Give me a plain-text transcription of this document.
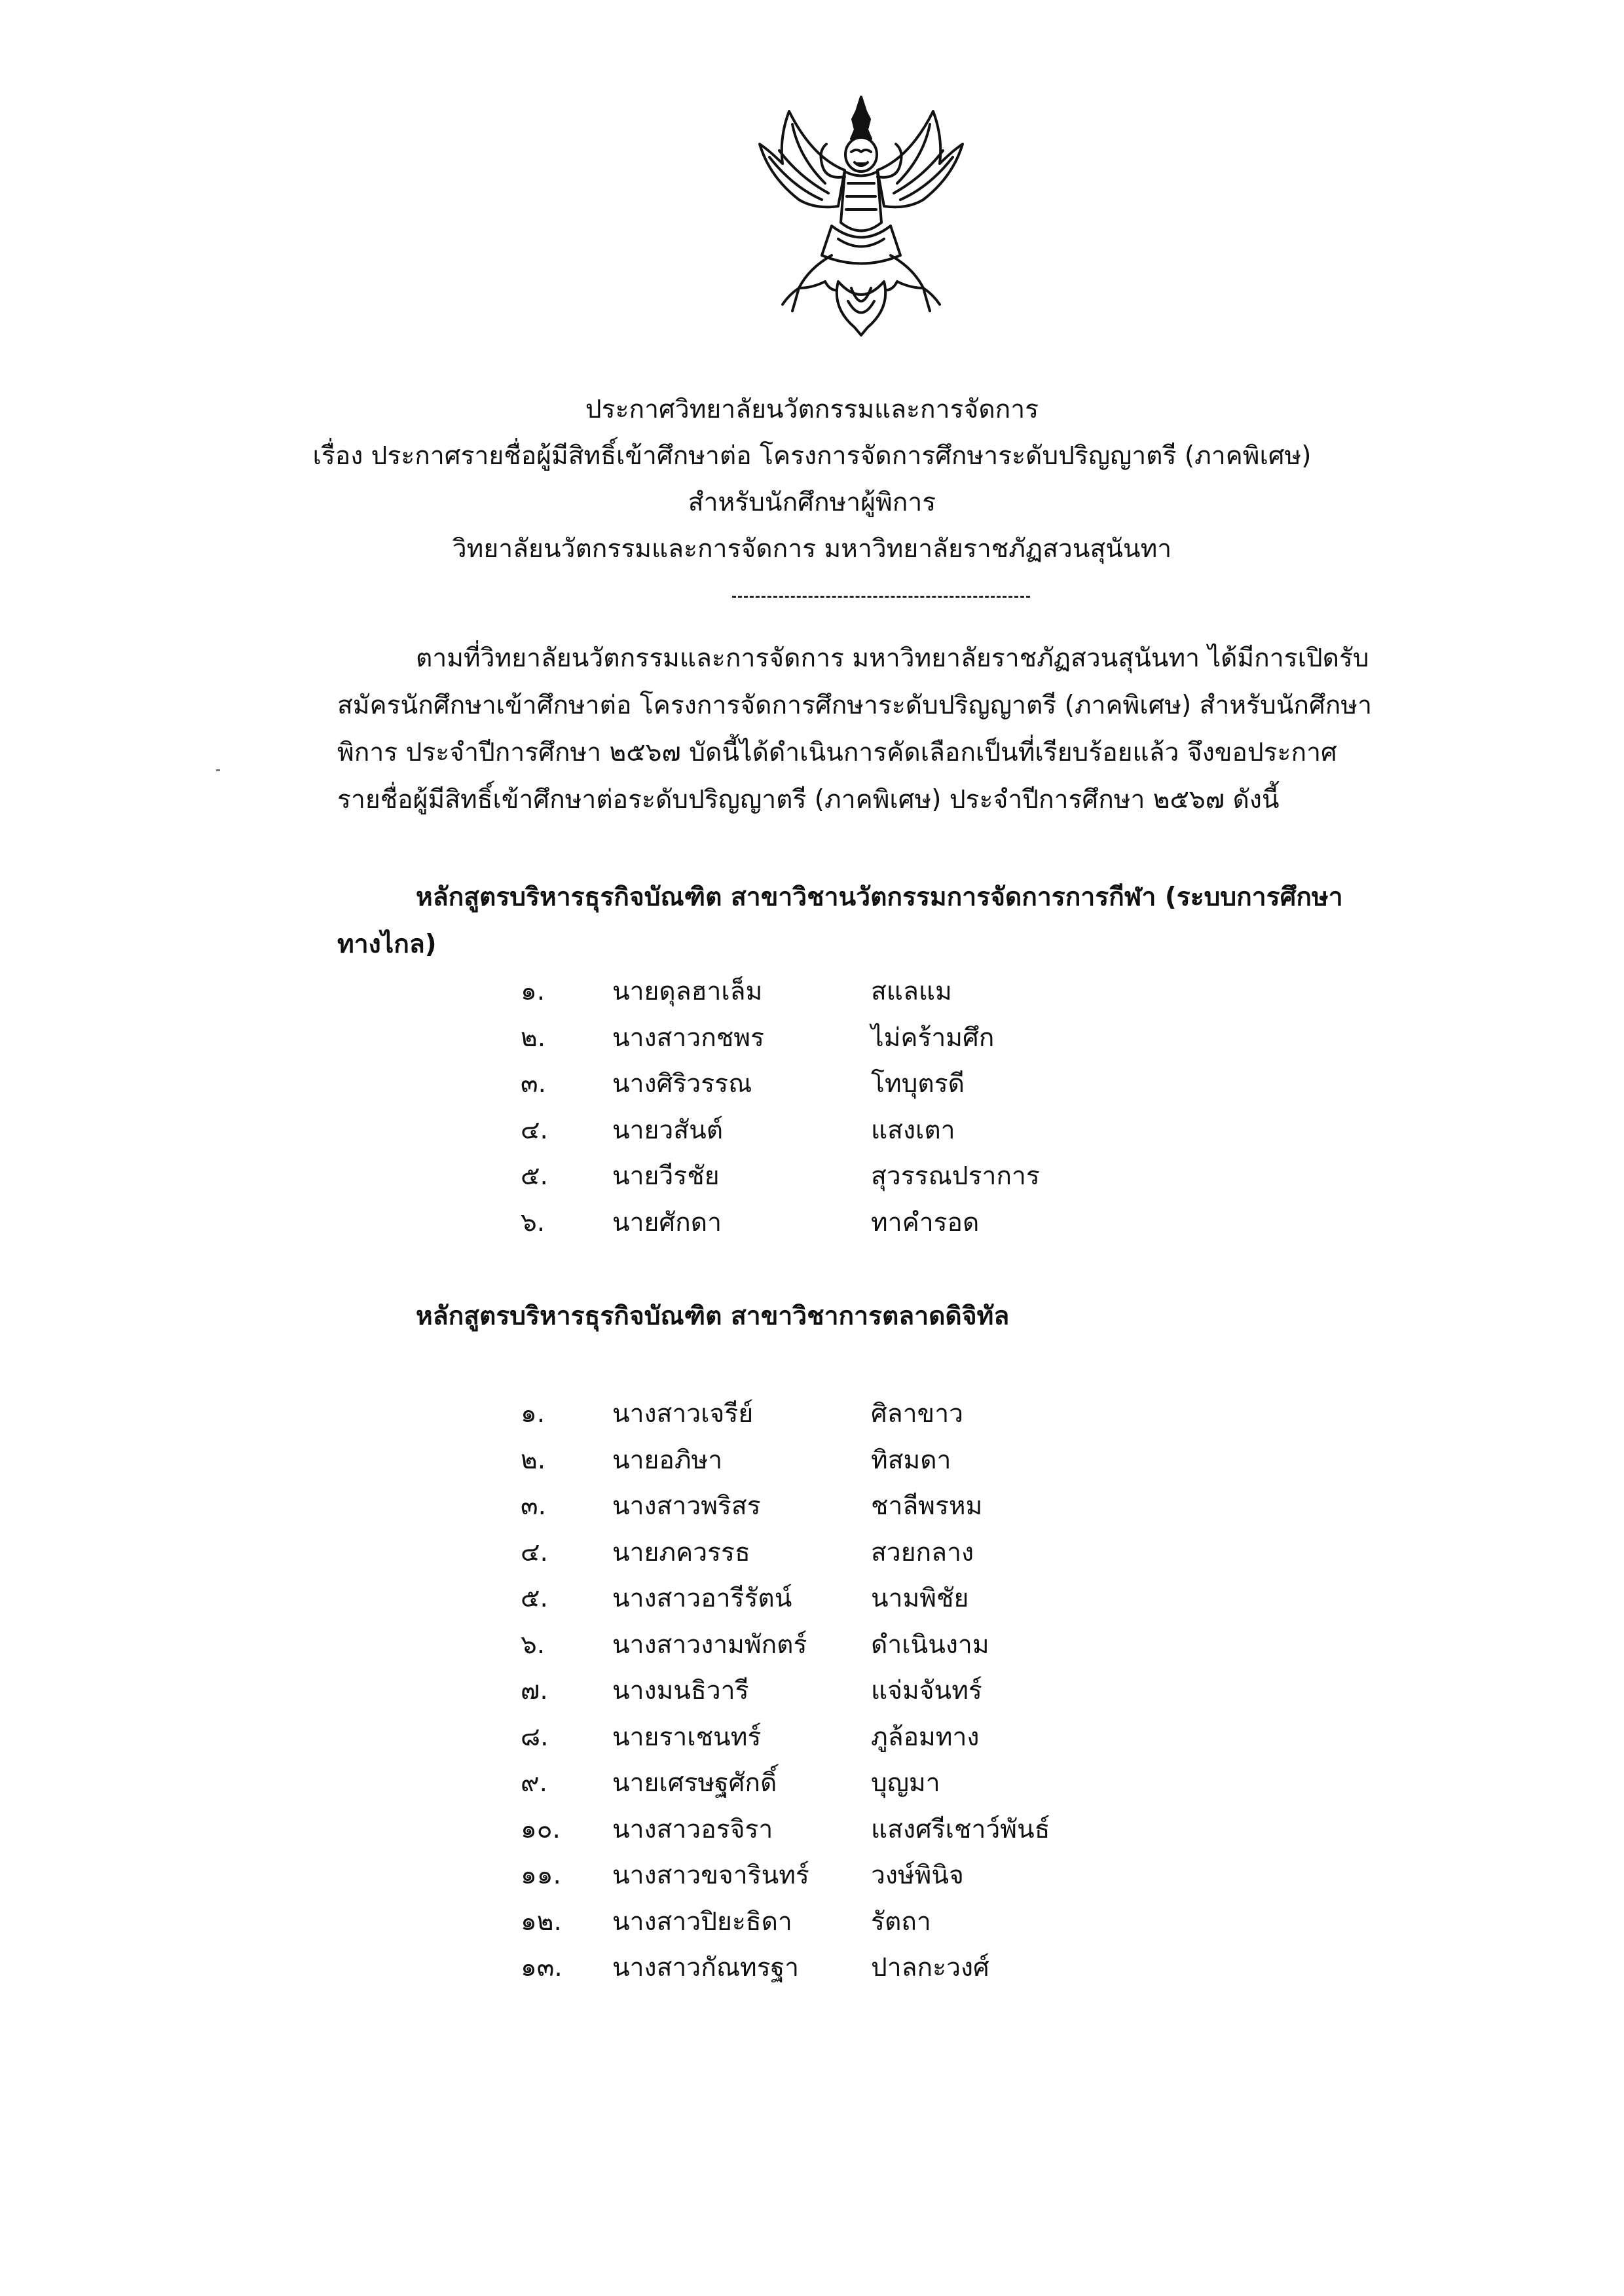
ประกาศวิทยาลัยนวัตกรรมและการจัดการ
เรื่อง ประกาศรายชื่อผู้มีสิทธิ์เข้าศึกษาต่อ โครงการจัดการศึกษาระดับปริญญาตรี (ภาคพิเศษ)
สำหรับนักศึกษาผู้พิการ
วิทยาลัยนวัตกรรมและการจัดการ มหาวิทยาลัยราชภัฏสวนสุนันทา
ตามที่วิทยาลัยนวัตกรรมและการจัดการ มหาวิทยาลัยราชภัฏสวนสุนันทา ได้มีการเปิดรับ
สมัครนักศึกษาเข้าศึกษาต่อ โครงการจัดการศึกษาระดับปริญญาตรี (ภาคพิเศษ) สำหรับนักศึกษา
พิการ ประจำปีการศึกษา ๒๕๖๗ บัดนี้ได้ดำเนินการคัดเลือกเป็นที่เรียบร้อยแล้ว จึงขอประกาศ
รายชื่อผู้มีสิทธิ์เข้าศึกษาต่อระดับปริญญาตรี (ภาคพิเศษ) ประจำปีการศึกษา ๒๕๖๗ ดังนี้
หลักสูตรบริหารธุรกิจบัณฑิต สาขาวิชานวัตกรรมการจัดการการกีฬา (ระบบการศึกษา
ทางไกล)
๑.	นายดุลฮาเล็ม	สแลแม
๒.	นางสาวกชพร	ไม่คร้ามศึก
๓.	นางศิริวรรณ	โทบุตรดี
๔.	นายวสันต์	แสงเตา
๕.	นายวีรชัย	สุวรรณปราการ
๖.	นายศักดา	ทาคำรอด
หลักสูตรบริหารธุรกิจบัณฑิต สาขาวิชาการตลาดดิจิทัล
๑.	นางสาวเจรีย์	ศิลาขาว
๒.	นายอภิษา	ทิสมดา
๓.	นางสาวพริสร	ชาลีพรหม
๔.	นายภควรรธ	สวยกลาง
๕.	นางสาวอารีรัตน์	นามพิชัย
๖.	นางสาวงามพักตร์	ดำเนินงาม
๗.	นางมนธิวารี	แจ่มจันทร์
๘.	นายราเชนทร์	ภูล้อมทาง
๙.	นายเศรษฐศักดิ์	บุญมา
๑๐. นางสาวอรจิรา	แสงศรีเชาว์พันธ์
๑๑. นางสาวขจารินทร์ วงษ์พินิจ
๑๒. นางสาวปิยะธิดา	รัตถา
๑๓. นางสาวกัณทรฐา	ปาลกะวงศ์
